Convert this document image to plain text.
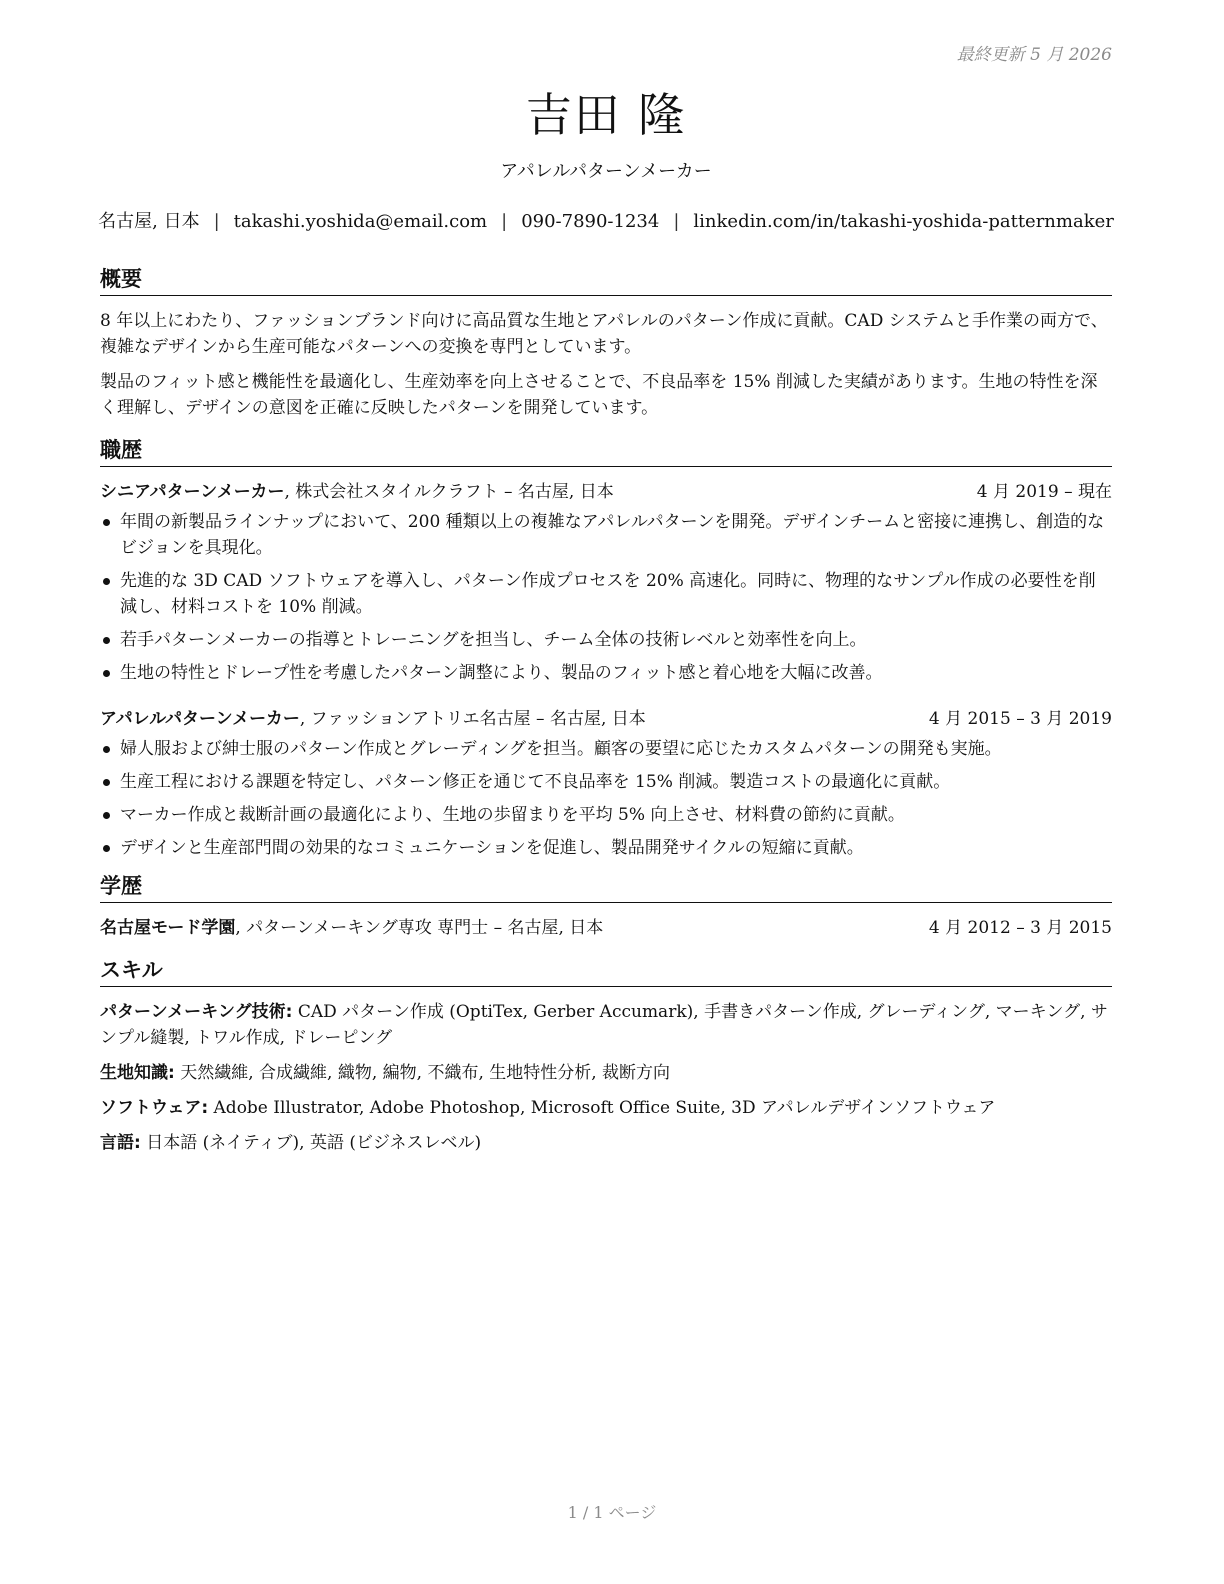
最終更新 5 月 2026
吉田 隆
アパレルパターンメーカー
名古屋, 日本 | takashi.yoshida@email.com | 090-7890-1234 | linkedin.com/in/takashi-yoshida-patternmaker
概要

8 年以上にわたり、ファッションブランド向けに高品質な生地とアパレルのパターン作成に貢献。CAD システムと手作業の両方で、複雑なデザインから生産可能なパターンへの変換を専門としています。

製品のフィット感と機能性を最適化し、生産効率を向上させることで、不良品率を 15% 削減した実績があります。生地の特性を深く理解し、デザインの意図を正確に反映したパターンを開発しています。

職歴
シニアパターンメーカー, 株式会社スタイルクラフト – 名古屋, 日本	4 月 2019 – 現在
年間の新製品ラインナップにおいて、200 種類以上の複雑なアパレルパターンを開発。デザインチームと密接に連携し、創造的なビジョンを具現化。
先進的な 3D CAD ソフトウェアを導入し、パターン作成プロセスを 20% 高速化。同時に、物理的なサンプル作成の必要性を削減し、材料コストを 10% 削減。
若手パターンメーカーの指導とトレーニングを担当し、チーム全体の技術レベルと効率性を向上。
生地の特性とドレープ性を考慮したパターン調整により、製品のフィット感と着心地を大幅に改善。
アパレルパターンメーカー, ファッションアトリエ名古屋 – 名古屋, 日本	4 月 2015 – 3 月 2019
婦人服および紳士服のパターン作成とグレーディングを担当。顧客の要望に応じたカスタムパターンの開発も実施。
生産工程における課題を特定し、パターン修正を通じて不良品率を 15% 削減。製造コストの最適化に貢献。
マーカー作成と裁断計画の最適化により、生地の歩留まりを平均 5% 向上させ、材料費の節約に貢献。
デザインと生産部門間の効果的なコミュニケーションを促進し、製品開発サイクルの短縮に貢献。
学歴
名古屋モード学園, パターンメーキング専攻 専門士 – 名古屋, 日本	4 月 2012 – 3 月 2015
スキル
パターンメーキング技術: CAD パターン作成 (OptiTex, Gerber Accumark), 手書きパターン作成, グレーディング, マーキング, サンプル縫製, トワル作成, ドレーピング
生地知識: 天然繊維, 合成繊維, 織物, 編物, 不織布, 生地特性分析, 裁断方向
ソフトウェア: Adobe Illustrator, Adobe Photoshop, Microsoft Office Suite, 3D アパレルデザインソフトウェア
言語: 日本語 (ネイティブ), 英語 (ビジネスレベル)
1 / 1 ページ
